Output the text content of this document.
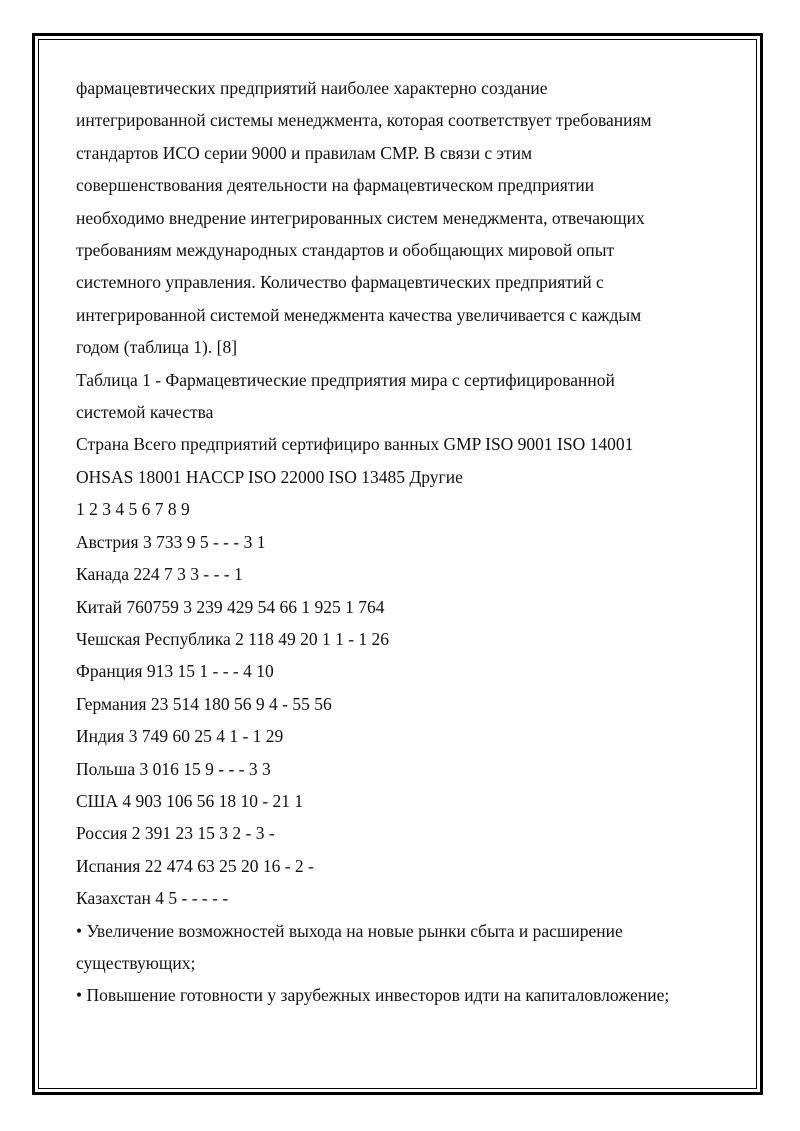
фармацевтических предприятий наиболее характерно создание
интегрированной системы менеджмента, которая соответствует требованиям
стандартов ИСО серии 9000 и правилам СМР. В связи с этим
совершенствования деятельности на фармацевтическом предприятии
необходимо внедрение интегрированных систем менеджмента, отвечающих
требованиям международных стандартов и обобщающих мировой опыт
системного управления. Количество фармацевтических предприятий с
интегрированной системой менеджмента качества увеличивается с каждым
годом (таблица 1). [8]
Таблица 1 - Фармацевтические предприятия мира с сертифицированной
системой качества
Страна Всего предприятий сертифициро ванных GMP ISO 9001 ISO 14001
OHSAS 18001 HACCP ISO 22000 ISO 13485 Другие
1 2 3 4 5 6 7 8 9
Австрия 3 733 9 5 - - - 3 1
Канада 224 7 3 3 - - - 1
Китай 760759 3 239 429 54 66 1 925 1 764
Чешская Республика 2 118 49 20 1 1 - 1 26
Франция 913 15 1 - - - 4 10
Германия 23 514 180 56 9 4 - 55 56
Индия 3 749 60 25 4 1 - 1 29
Польша 3 016 15 9 - - - 3 3
США 4 903 106 56 18 10 - 21 1
Россия 2 391 23 15 3 2 - 3 -
Испания 22 474 63 25 20 16 - 2 -
Казахстан 4 5 - - - - -
• Увеличение возможностей выхода на новые рынки сбыта и расширение
существующих;
• Повышение готовности у зарубежных инвесторов идти на капиталовложение;
